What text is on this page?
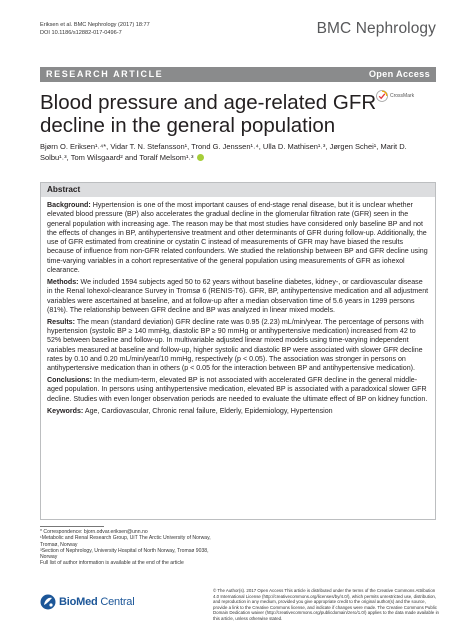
Eriksen et al. BMC Nephrology (2017) 18:77
DOI 10.1186/s12882-017-0496-7	BMC Nephrology
RESEARCH ARTICLE	Open Access
Blood pressure and age-related GFR decline in the general population
CrossMark
Bjørn O. Eriksen¹˒⁴*, Vidar T. N. Stefansson¹, Trond G. Jenssen¹˒⁴, Ulla D. Mathisen¹˒³, Jørgen Schei¹, Marit D. Solbu¹˒³, Tom Wilsgaard² and Toralf Melsom¹˒³
Abstract

Background: Hypertension is one of the most important causes of end-stage renal disease, but it is unclear whether elevated blood pressure (BP) also accelerates the gradual decline in the glomerular filtration rate (GFR) seen in the general population with increasing age. The reason may be that most studies have considered only baseline BP and not the effects of changes in BP, antihypertensive treatment and other determinants of GFR during follow-up. Additionally, the use of GFR estimated from creatinine or cystatin C instead of measurements of GFR may have biased the results because of influence from non-GFR related confounders. We studied the relationship between BP and GFR decline using time-varying variables in a cohort representative of the general population using measurements of GFR as iohexol clearance.

Methods: We included 1594 subjects aged 50 to 62 years without baseline diabetes, kidney-, or cardiovascular disease in the Renal Iohexol-clearance Survey in Tromsø 6 (RENIS-T6). GFR, BP, antihypertensive medication and all adjustment variables were ascertained at baseline, and at follow-up after a median observation time of 5.6 years in 1299 persons (81%). The relationship between GFR decline and BP was analyzed in linear mixed models.

Results: The mean (standard deviation) GFR decline rate was 0.95 (2.23) mL/min/year. The percentage of persons with hypertension (systolic BP ≥ 140 mmHg, diastolic BP ≥ 90 mmHg or antihypertensive medication) increased from 42 to 52% between baseline and follow-up. In multivariable adjusted linear mixed models using time-varying independent variables measured at baseline and follow-up, higher systolic and diastolic BP were associated with slower GFR decline rates by 0.10 and 0.20 mL/min/year/10 mmHg, respectively (p < 0.05). The association was stronger in persons on antihypertensive medication than in others (p < 0.05 for the interaction between BP and antihypertensive medication).

Conclusions: In the medium-term, elevated BP is not associated with accelerated GFR decline in the general middle-aged population. In persons using antihypertensive medication, elevated BP is associated with a paradoxical slower GFR decline. Studies with even longer observation periods are needed to evaluate the ultimate effect of BP on kidney function.

Keywords: Age, Cardiovascular, Chronic renal failure, Elderly, Epidemiology, Hypertension

* Correspondence: bjorn.odvar.eriksen@unn.no
¹Metabolic and Renal Research Group, UiT The Arctic University of Norway, Tromsø, Norway
³Section of Nephrology, University Hospital of North Norway, Tromsø 9038, Norway
Full list of author information is available at the end of the article
BioMed Central
© The Author(s). 2017 Open Access This article is distributed under the terms of the Creative Commons Attribution 4.0 International License (http://creativecommons.org/licenses/by/4.0/), which permits unrestricted use, distribution, and reproduction in any medium, provided you give appropriate credit to the original author(s) and the source, provide a link to the Creative Commons license, and indicate if changes were made. The Creative Commons Public Domain Dedication waiver (http://creativecommons.org/publicdomain/zero/1.0/) applies to the data made available in this article, unless otherwise stated.
